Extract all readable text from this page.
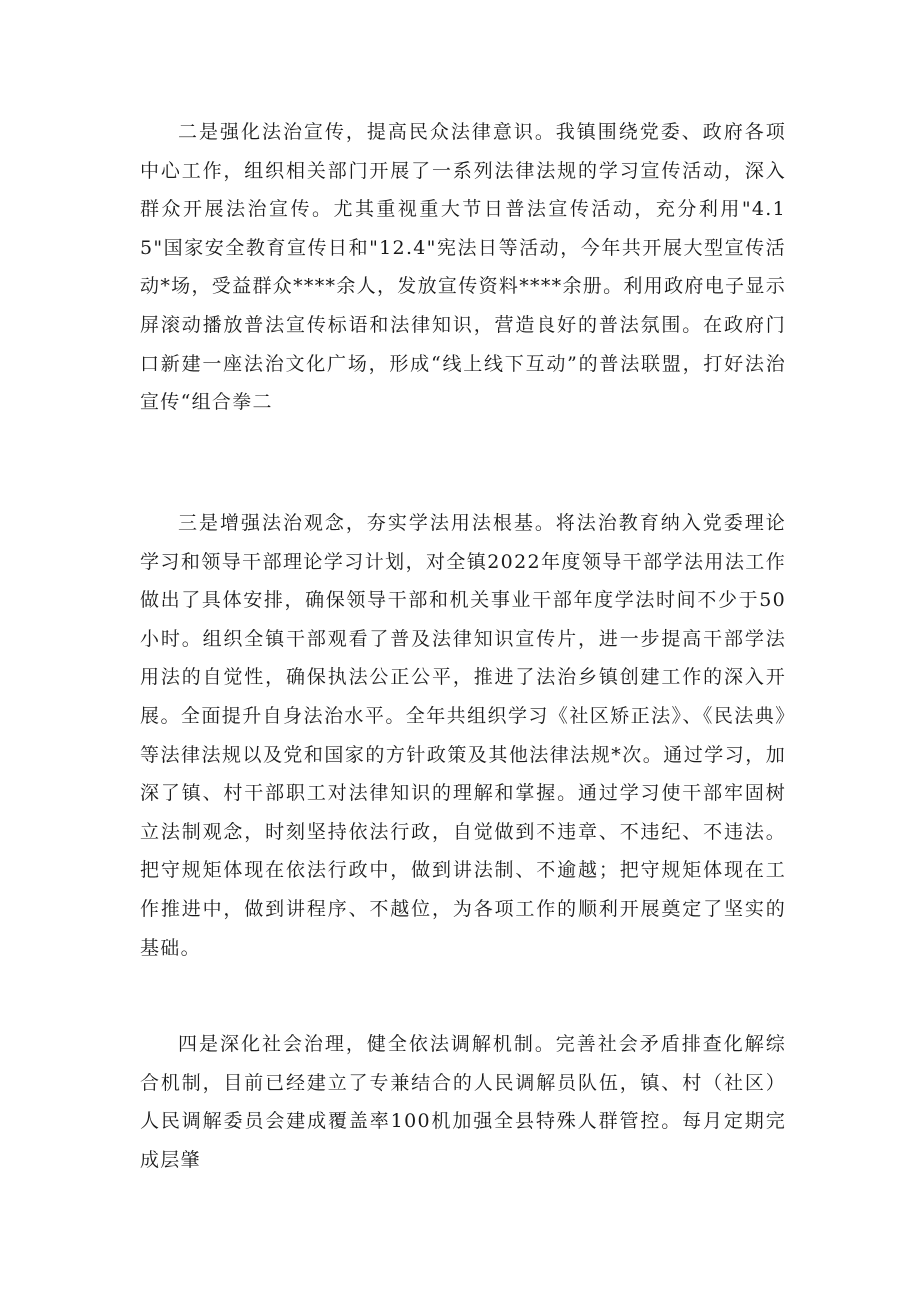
二是强化法治宣传，提高民众法律意识。我镇围绕党委、政府各项中心工作，组织相关部门开展了一系列法律法规的学习宣传活动，深入群众开展法治宣传。尤其重视重大节日普法宣传活动，充分利用"4.15"国家安全教育宣传日和"12.4"宪法日等活动，今年共开展大型宣传活动*场，受益群众****余人，发放宣传资料****余册。利用政府电子显示屏滚动播放普法宣传标语和法律知识，营造良好的普法氛围。在政府门口新建一座法治文化广场，形成“线上线下互动”的普法联盟，打好法治宣传“组合拳二

三是增强法治观念，夯实学法用法根基。将法治教育纳入党委理论学习和领导干部理论学习计划，对全镇2022年度领导干部学法用法工作做出了具体安排，确保领导干部和机关事业干部年度学法时间不少于50小时。组织全镇干部观看了普及法律知识宣传片，进一步提高干部学法用法的自觉性，确保执法公正公平，推进了法治乡镇创建工作的深入开展。全面提升自身法治水平。全年共组织学习《社区矫正法》、《民法典》等法律法规以及党和国家的方针政策及其他法律法规*次。通过学习，加深了镇、村干部职工对法律知识的理解和掌握。通过学习使干部牢固树立法制观念，时刻坚持依法行政，自觉做到不违章、不违纪、不违法。把守规矩体现在依法行政中，做到讲法制、不逾越；把守规矩体现在工作推进中，做到讲程序、不越位，为各项工作的顺利开展奠定了坚实的基础。

四是深化社会治理，健全依法调解机制。完善社会矛盾排查化解综合机制，目前已经建立了专兼结合的人民调解员队伍，镇、村（社区）人民调解委员会建成覆盖率100机加强全县特殊人群管控。每月定期完成层肇
